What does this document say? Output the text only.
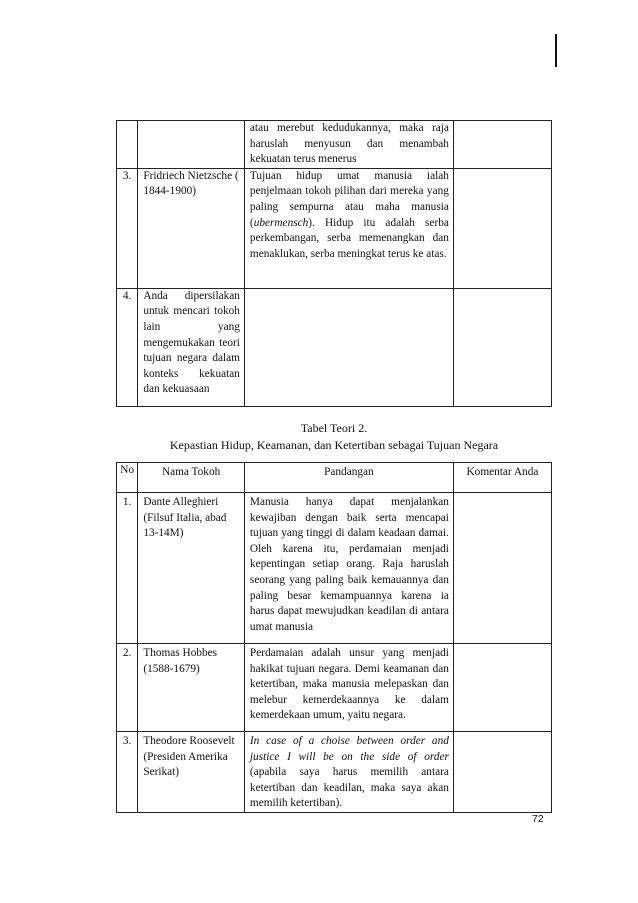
		atau merebut kedudukannya, maka raja haruslah menyusun dan menambah kekuatan terus menerus	
3.	Fridriech Nietzsche ( 1844-1900)	Tujuan hidup umat manusia ialah penjelmaan tokoh pilihan dari mereka yang paling sempurna atau maha manusia (ubermensch). Hidup itu adalah serba perkembangan, serba memenangkan dan menaklukan, serba meningkat terus ke atas.	
4.	Anda dipersilakan untuk mencari tokoh lain yang mengemukakan teori tujuan negara dalam konteks kekuatan dan kekuasaan		
Tabel Teori 2.
Kepastian Hidup, Keamanan, dan Ketertiban sebagai Tujuan Negara
No	Nama Tokoh	Pandangan	Komentar Anda
1.	Dante Alleghieri (Filsuf Italia, abad 13-14M)	Manusia hanya dapat menjalankan kewajiban dengan baik serta mencapai tujuan yang tinggi di dalam keadaan damai. Oleh karena itu, perdamaian menjadi kepentingan setiap orang. Raja haruslah seorang yang paling baik kemauannya dan paling besar kemampuannya karena ia harus dapat mewujudkan keadilan di antara umat manusia	
2.	Thomas Hobbes (1588-1679)	Perdamaian adalah unsur yang menjadi hakikat tujuan negara. Demi keamanan dan ketertiban, maka manusia melepaskan dan melebur kemerdekaannya ke dalam kemerdekaan umum, yaitu negara.	
3.	Theodore Roosevelt (Presiden Amerika Serikat)	In case of a choise between order and justice I will be on the side of order (apabila saya harus memilih antara ketertiban dan keadilan, maka saya akan memilih ketertiban).	
72
